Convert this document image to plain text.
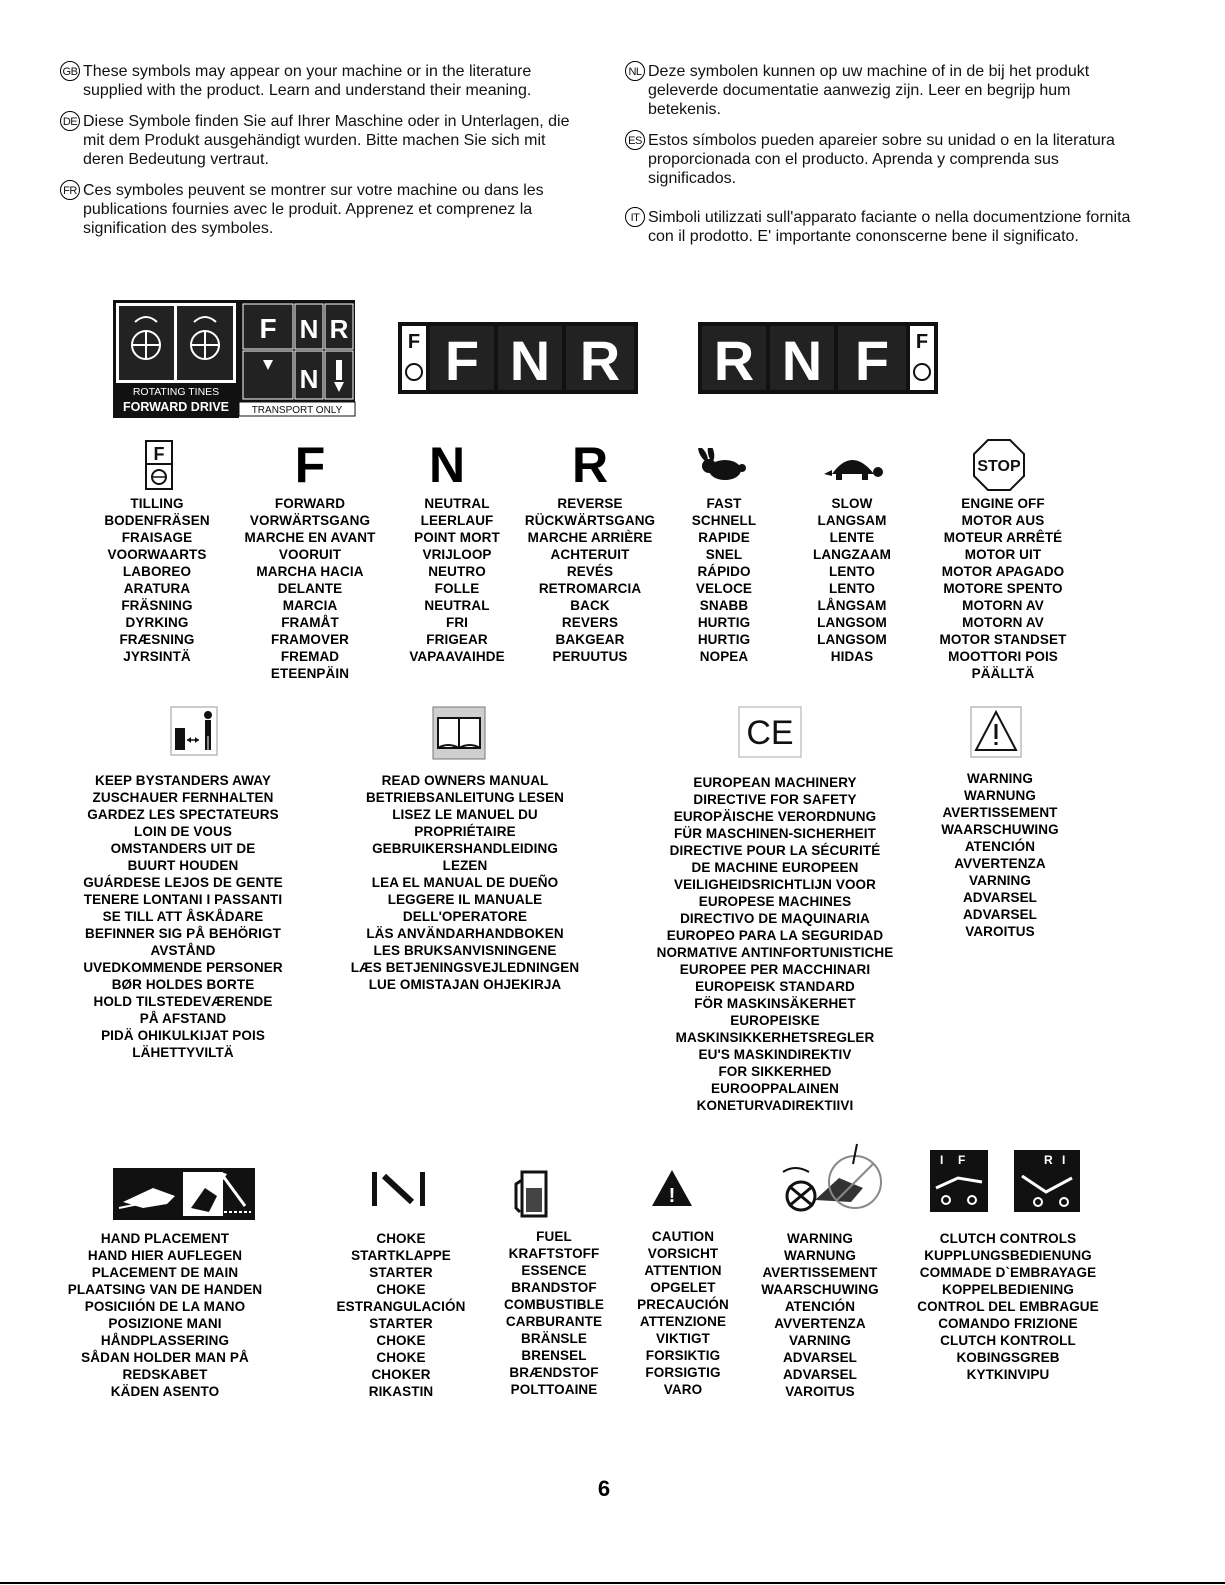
GB These symbols may appear on your machine or in the literature supplied with the product. Learn and understand their meaning.
DE Diese Symbole finden Sie auf Ihrer Maschine oder in Unterlagen, die mit dem Produkt ausgehändigt wurden. Bitte machen Sie sich mit deren Bedeutung vertraut.
FR Ces symboles peuvent se montrer sur votre machine ou dans les publications fournies avec le produit. Apprenez et comprenez la signification des symboles.
NL Deze symbolen kunnen op uw machine of in de bij het produkt geleverde documentatie aanwezig zijn. Leer en begrijp hum betekenis.
ES Estos símbolos pueden apareier sobre su unidad o en la literatura proporcionada con el producto. Aprenda y comprenda sus significados.
IT Simboli utilizzati sull'apparato faciante o nella documentzione fornita con il prodotto. E' importante cononscerne bene il significato.
ROTATING TINES
FORWARD DRIVE
F N R
N
TRANSPORT ONLY
F F N R R N F F
F	F N R	STOP
TILLING
BODENFRÄSEN
FRAISAGE
VOORWAARTS
LABOREO
ARATURA
FRÄSNING
DYRKING
FRÆSNING
JYRSINTÄ
FORWARD
VORWÄRTSGANG
MARCHE EN AVANT
VOORUIT
MARCHA HACIA
DELANTE
MARCIA
FRAMÅT
FRAMOVER
FREMAD
ETEENPÄIN
NEUTRAL
LEERLAUF
POINT MORT
VRIJLOOP
NEUTRO
FOLLE
NEUTRAL
FRI
FRIGEAR
VAPAAVAIHDE
REVERSE
RÜCKWÄRTSGANG
MARCHE ARRIÈRE
ACHTERUIT
REVÉS
RETROMARCIA
BACK
REVERS
BAKGEAR
PERUUTUS
FAST
SCHNELL
RAPIDE
SNEL
RÁPIDO
VELOCE
SNABB
HURTIG
HURTIG
NOPEA
SLOW
LANGSAM
LENTE
LANGZAAM
LENTO
LENTO
LÅNGSAM
LANGSOM
LANGSOM
HIDAS
ENGINE OFF
MOTOR AUS
MOTEUR ARRÊTÉ
MOTOR UIT
MOTOR APAGADO
MOTORE SPENTO
MOTORN AV
MOTORN AV
MOTOR STANDSET
MOOTTORI POIS
PÄÄLLTÄ
CE
KEEP BYSTANDERS AWAY
ZUSCHAUER FERNHALTEN
GARDEZ LES SPECTATEURS
LOIN DE VOUS
OMSTANDERS UIT DE
BUURT HOUDEN
GUÁRDESE LEJOS DE GENTE
TENERE LONTANI I PASSANTI
SE TILL ATT ÅSKÅDARE
BEFINNER SIG PÅ BEHÖRIGT
AVSTÅND
UVEDKOMMENDE PERSONER
BØR HOLDES BORTE
HOLD TILSTEDEVÆRENDE
PÅ AFSTAND
PIDÄ OHIKULKIJAT POIS
LÄHETTYVILTÄ
READ OWNERS MANUAL
BETRIEBSANLEITUNG LESEN
LISEZ LE MANUEL DU
PROPRIÉTAIRE
GEBRUIKERSHANDLEIDING
LEZEN
LEA EL MANUAL DE DUEÑO
LEGGERE IL MANUALE
DELL'OPERATORE
LÄS ANVÄNDARHANDBOKEN
LES BRUKSANVISNINGENE
LÆS BETJENINGSVEJLEDNINGEN
LUE OMISTAJAN OHJEKIRJA
EUROPEAN MACHINERY
DIRECTIVE FOR SAFETY
EUROPÄISCHE VERORDNUNG
FÜR MASCHINEN-SICHERHEIT
DIRECTIVE POUR LA SÉCURITÉ
DE MACHINE EUROPEEN
VEILIGHEIDSRICHTLIJN VOOR
EUROPESE MACHINES
DIRECTIVO DE MAQUINARIA
EUROPEO PARA LA SEGURIDAD
NORMATIVE ANTINFORTUNISTICHE
EUROPEE PER MACCHINARI
EUROPEISK STANDARD
FÖR MASKINSÄKERHET
EUROPEISKE
MASKINSIKKERHETSREGLER
EU'S MASKINDIREKTIV
FOR SIKKERHED
EUROOPPALAINEN
KONETURVADIREKTIIVI
WARNING
WARNUNG
AVERTISSEMENT
WAARSCHUWING
ATENCIÓN
AVVERTENZA
VARNING
ADVARSEL
ADVARSEL
VAROITUS
!
I F	R I
HAND PLACEMENT
HAND HIER AUFLEGEN
PLACEMENT DE MAIN
PLAATSING VAN DE HANDEN
POSICIIÓN DE LA MANO
POSIZIONE MANI
HÅNDPLASSERING
SÅDAN HOLDER MAN PÅ
REDSKABET
KÄDEN ASENTO
CHOKE
STARTKLAPPE
STARTER
CHOKE
ESTRANGULACIÓN
STARTER
CHOKE
CHOKE
CHOKER
RIKASTIN
FUEL
KRAFTSTOFF
ESSENCE
BRANDSTOF
COMBUSTIBLE
CARBURANTE
BRÄNSLE
BRENSEL
BRÆNDSTOF
POLTTOAINE
CAUTION
VORSICHT
ATTENTION
OPGELET
PRECAUCIÓN
ATTENZIONE
VIKTIGT
FORSIKTIG
FORSIGTIG
VARO
WARNING
WARNUNG
AVERTISSEMENT
WAARSCHUWING
ATENCIÓN
AVVERTENZA
VARNING
ADVARSEL
ADVARSEL
VAROITUS
CLUTCH CONTROLS
KUPPLUNGSBEDIENUNG
COMMADE D`EMBRAYAGE
KOPPELBEDIENING
CONTROL DEL EMBRAGUE
COMANDO FRIZIONE
CLUTCH KONTROLL
KOBINGSGREB
KYTKINVIPU
6
